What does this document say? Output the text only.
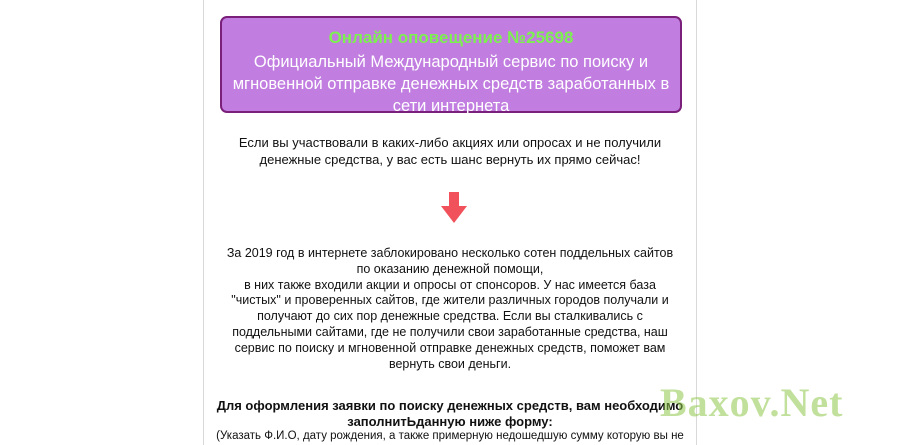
Онлайн оповещение №25698
Официальный Международный сервис по поиску и
мгновенной отправке денежных средств заработанных в
сети интернета
Если вы участвовали в каких-либо акциях или опросах и не получили
денежные средства, у вас есть шанс вернуть их прямо сейчас!
За 2019 год в интернете заблокировано несколько сотен поддельных сайтов
по оказанию денежной помощи,
в них также входили акции и опросы от спонсоров. У нас имеется база
"чистых" и проверенных сайтов, где жители различных городов получали и
получают до сих пор денежные средства. Если вы сталкивались с
поддельными сайтами, где не получили свои заработанные средства, наш
сервис по поиску и мгновенной отправке денежных средств, поможет вам
вернуть свои деньги.
Для оформления заявки по поиску денежных средств, вам необходимо
заполнитЬданную ниже форму:
(Указать Ф.И.О, дату рождения, а также примерную недошедшую сумму которую вы не
Baxov.Net
